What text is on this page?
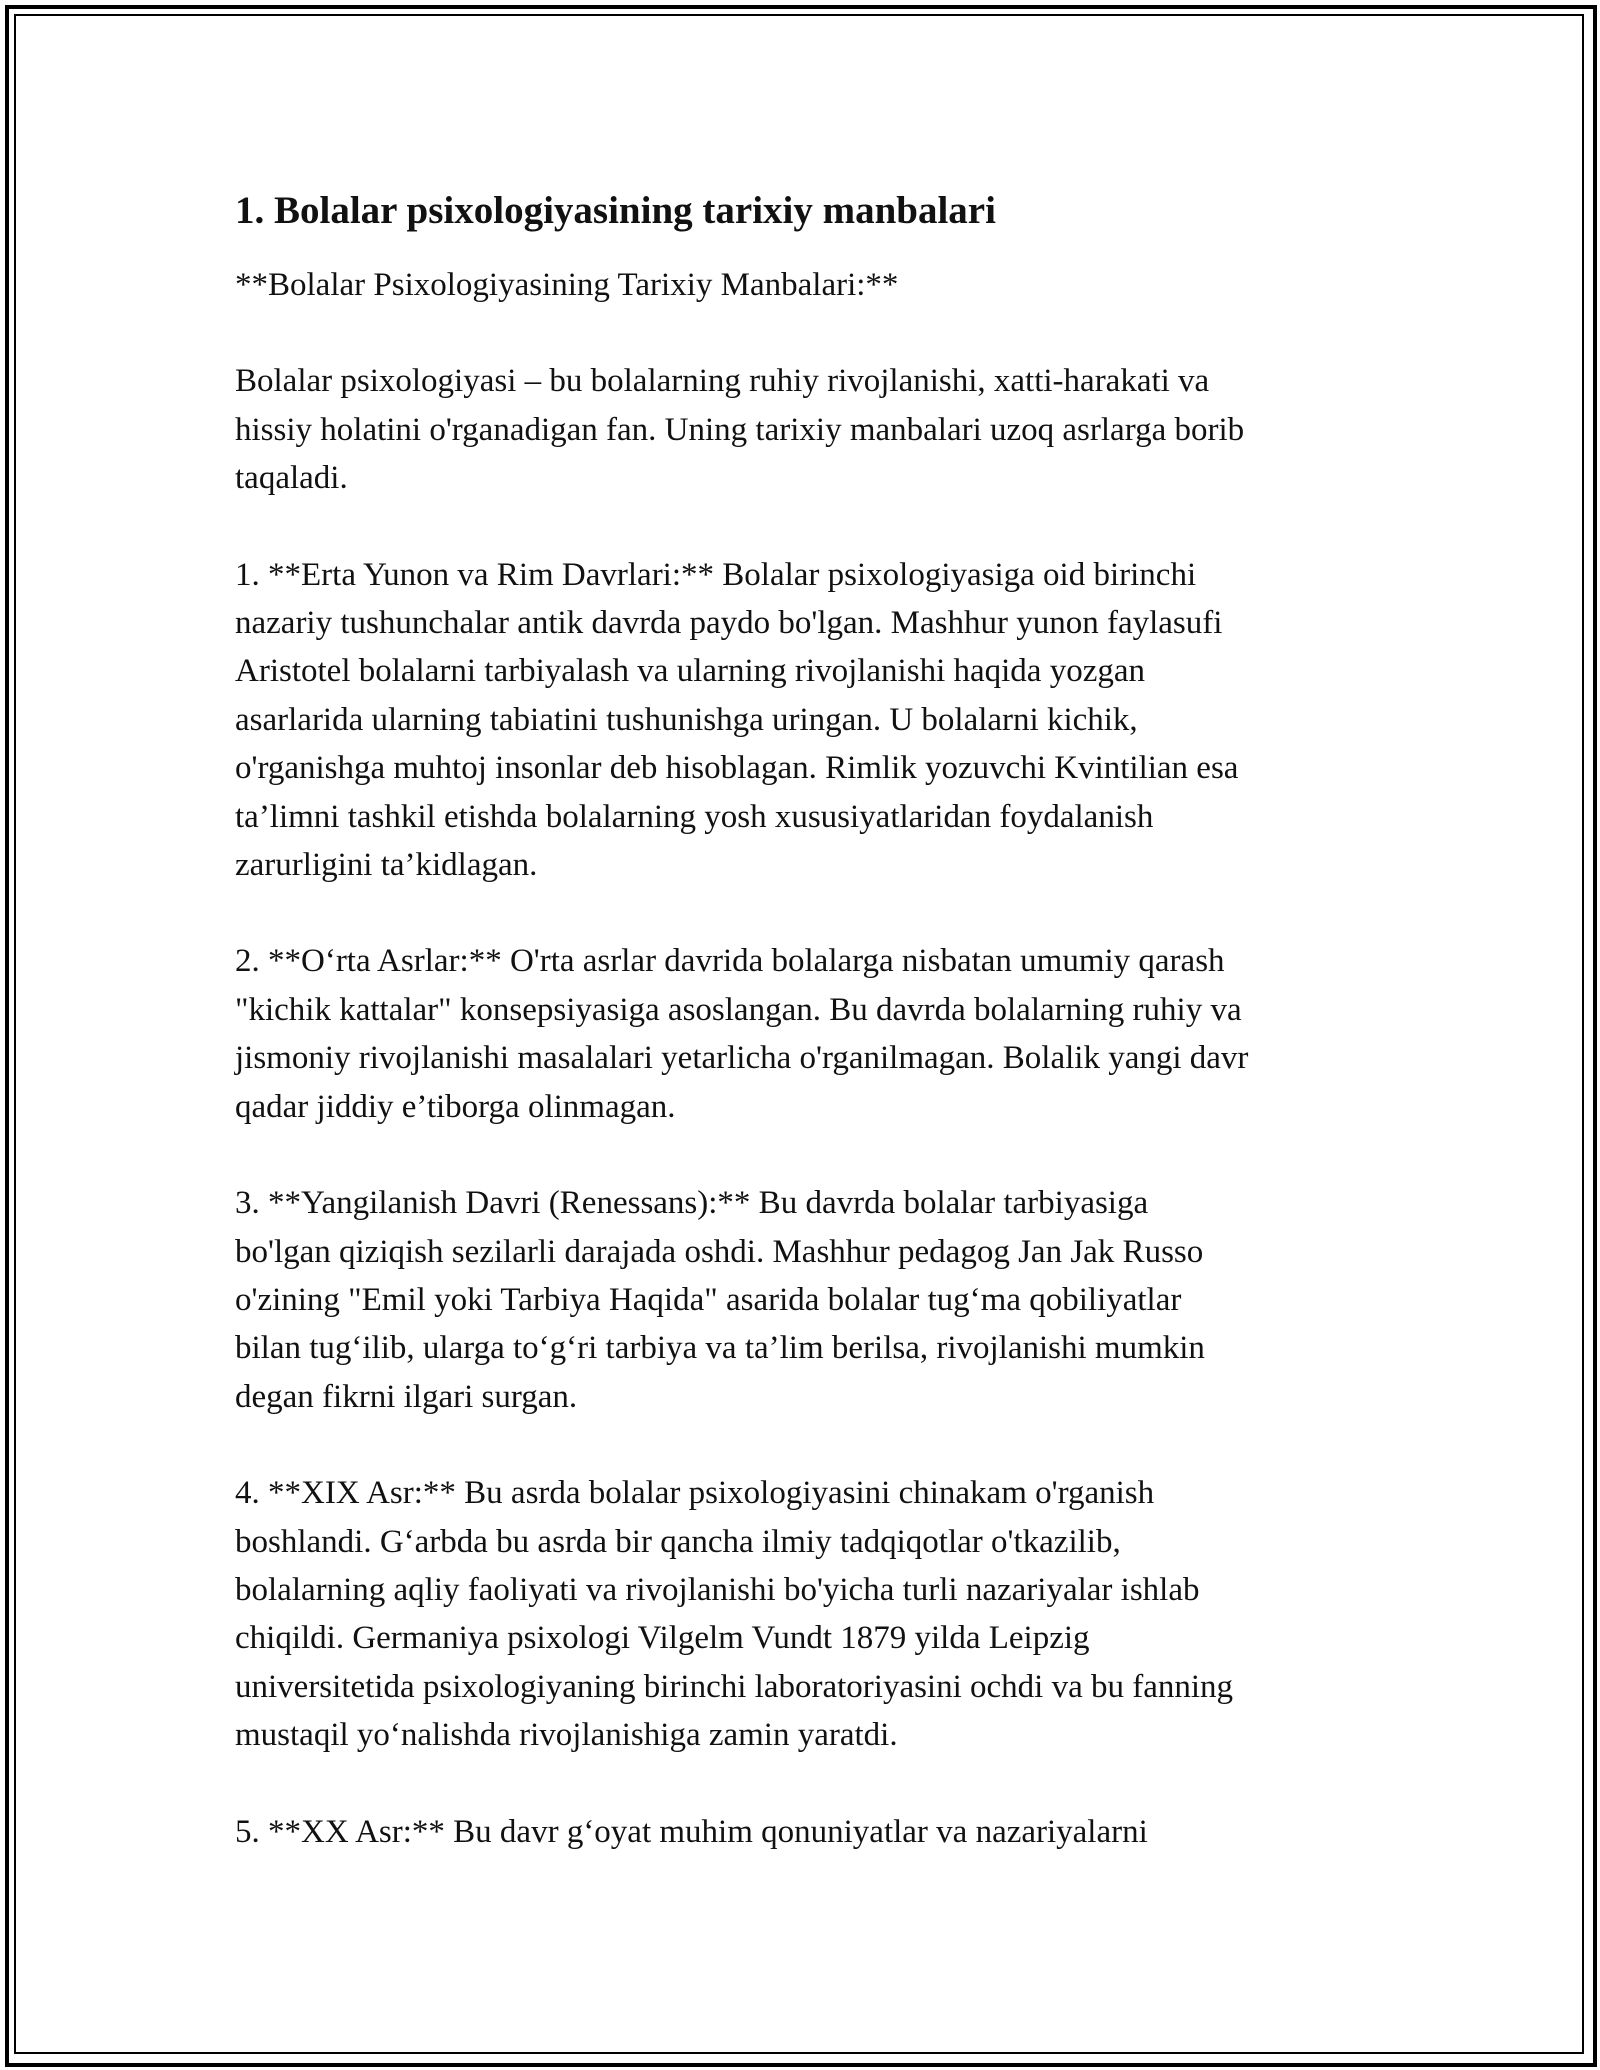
1. Bolalar psixologiyasining tarixiy manbalari
**Bolalar Psixologiyasining Tarixiy Manbalari:**
Bolalar psixologiyasi – bu bolalarning ruhiy rivojlanishi, xatti-harakati va
hissiy holatini o'rganadigan fan. Uning tarixiy manbalari uzoq asrlarga borib
taqaladi.
1. **Erta Yunon va Rim Davrlari:** Bolalar psixologiyasiga oid birinchi
nazariy tushunchalar antik davrda paydo bo'lgan. Mashhur yunon faylasufi
Aristotel bolalarni tarbiyalash va ularning rivojlanishi haqida yozgan
asarlarida ularning tabiatini tushunishga uringan. U bolalarni kichik,
o'rganishga muhtoj insonlar deb hisoblagan. Rimlik yozuvchi Kvintilian esa
ta’limni tashkil etishda bolalarning yosh xususiyatlaridan foydalanish
zarurligini ta’kidlagan.
2. **O‘rta Asrlar:** O'rta asrlar davrida bolalarga nisbatan umumiy qarash
"kichik kattalar" konsepsiyasiga asoslangan. Bu davrda bolalarning ruhiy va
jismoniy rivojlanishi masalalari yetarlicha o'rganilmagan. Bolalik yangi davr
qadar jiddiy e’tiborga olinmagan.
3. **Yangilanish Davri (Renessans):** Bu davrda bolalar tarbiyasiga
bo'lgan qiziqish sezilarli darajada oshdi. Mashhur pedagog Jan Jak Russo
o'zining "Emil yoki Tarbiya Haqida" asarida bolalar tug‘ma qobiliyatlar
bilan tug‘ilib, ularga to‘g‘ri tarbiya va ta’lim berilsa, rivojlanishi mumkin
degan fikrni ilgari surgan.
4. **XIX Asr:** Bu asrda bolalar psixologiyasini chinakam o'rganish
boshlandi. G‘arbda bu asrda bir qancha ilmiy tadqiqotlar o'tkazilib,
bolalarning aqliy faoliyati va rivojlanishi bo'yicha turli nazariyalar ishlab
chiqildi. Germaniya psixologi Vilgelm Vundt 1879 yilda Leipzig
universitetida psixologiyaning birinchi laboratoriyasini ochdi va bu fanning
mustaqil yo‘nalishda rivojlanishiga zamin yaratdi.
5. **XX Asr:** Bu davr g‘oyat muhim qonuniyatlar va nazariyalarni
